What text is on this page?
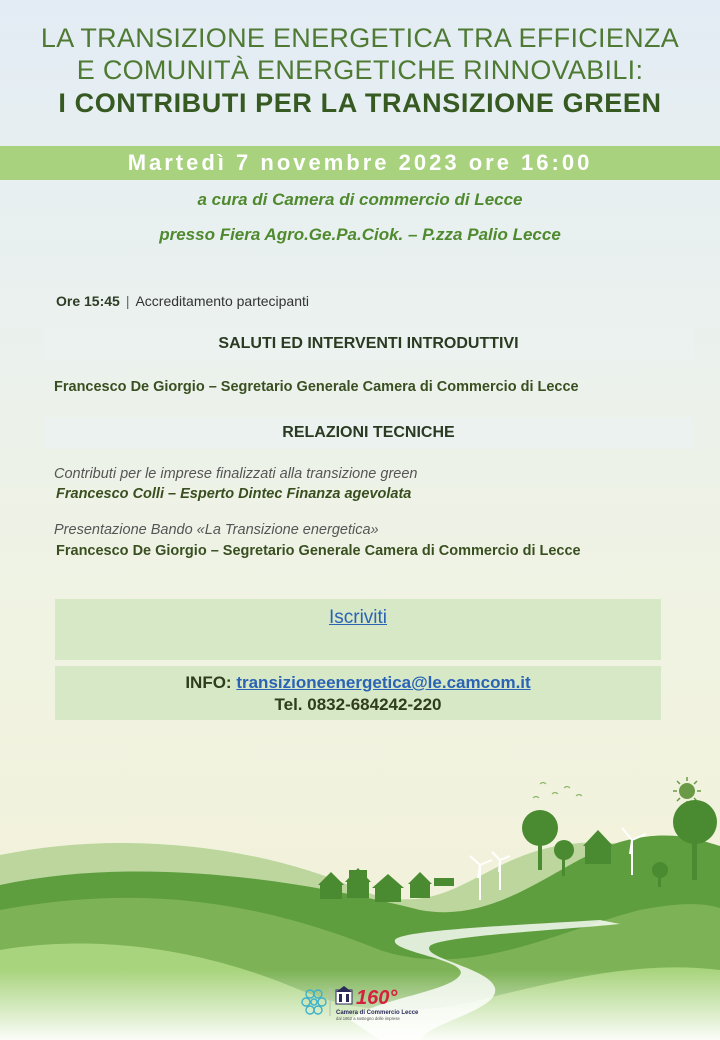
LA TRANSIZIONE ENERGETICA TRA EFFICIENZA
E COMUNITÀ ENERGETICHE RINNOVABILI:
I CONTRIBUTI PER LA TRANSIZIONE GREEN
Martedì 7 novembre 2023 ore 16:00
a cura di Camera di commercio di Lecce
presso Fiera Agro.Ge.Pa.Ciok. – P.zza Palio Lecce
Ore 15:45 | Accreditamento partecipanti
SALUTI ED INTERVENTI INTRODUTTIVI
Francesco De Giorgio – Segretario Generale Camera di Commercio di Lecce
RELAZIONI TECNICHE
Contributi per le imprese finalizzati alla transizione green
Francesco Colli – Esperto Dintec Finanza agevolata
Presentazione Bando «La Transizione energetica»
Francesco De Giorgio – Segretario Generale Camera di Commercio di Lecce
Iscriviti
INFO: transizioneenergetica@le.camcom.it
Tel. 0832-684242-220
160°
Camera di Commercio Lecce
dal 1862 a sostegno delle imprese
